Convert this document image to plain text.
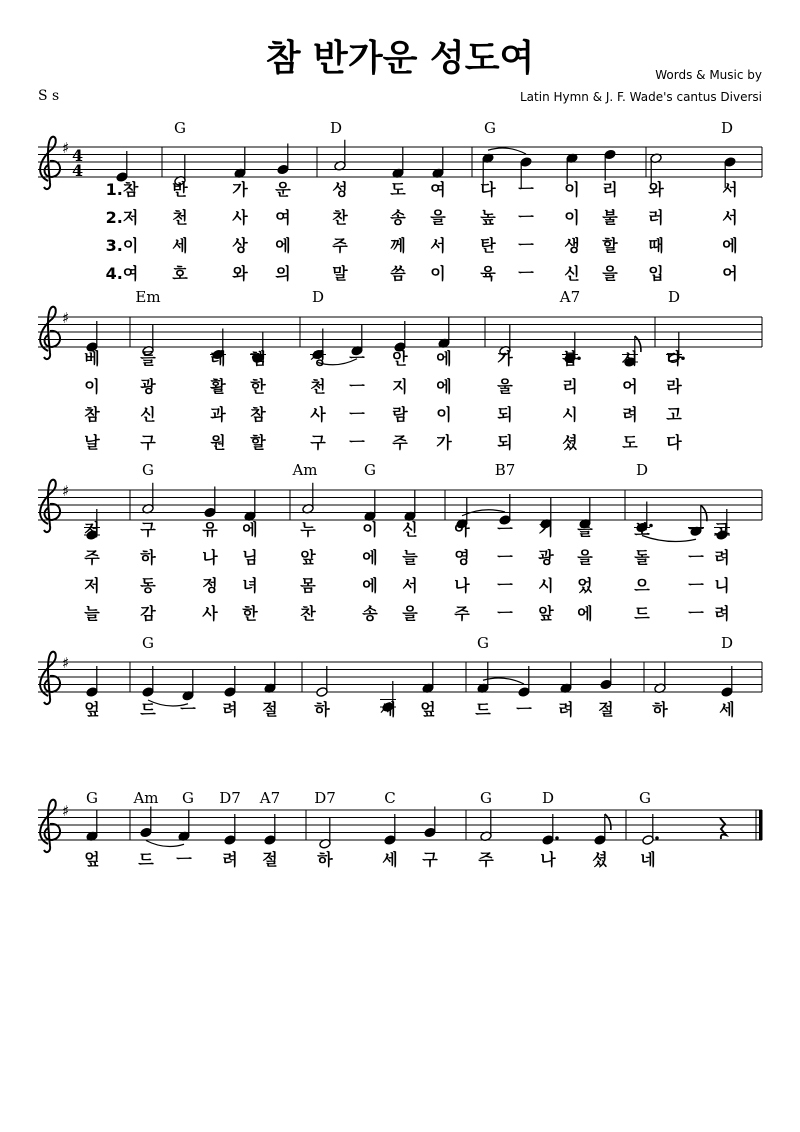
참 반가운 성도여	Words & Music by
Latin Hymn & J. F. Wade's cantus Diversi
S s
♯ 4
4
G	D	G	D
1.참 반	가 운	성	도 여 다 ㅡ 이 리 와	서
2.저 천	사 여	찬	송 을 높 ㅡ 이 불 러	서
3.이 세	상 에	주	께 서 탄 ㅡ 생 할 때	에
4.여 호	와 의	말	씀 이 육 ㅡ 신 을 입	어
♯
Em	D	A7	D
베	들	레 헴	성 ㅡ 안 에	가	봅	시 다
이	광	활 한	천 ㅡ 지 에	울	리	어 라
참	신	과 참	사 ㅡ 람 이	되	시	려 고
날	구	원 할	구 ㅡ 주 가	되	셨	도 다
♯
G	Am	G	B7	D
저	구	유 에	누	이 신 아 ㅡ 기 를	보 ㅡ 고
주	하	나 님	앞	에 늘 영 ㅡ 광 을	돌 ㅡ 려
저	동	정 녀	몸	에 서 나 ㅡ 시 었	으 ㅡ 니
늘	감	사 한	찬	송 을 주 ㅡ 앞 에	드 ㅡ 려
♯
G	G	D
엎	드 ㅡ 려 절 하	세 엎 드 ㅡ 려 절 하	세
♯
G Am G D7 A7 D7	C	G	D	G
엎 드 ㅡ 려 절 하	세 구	주	나 셨 네
